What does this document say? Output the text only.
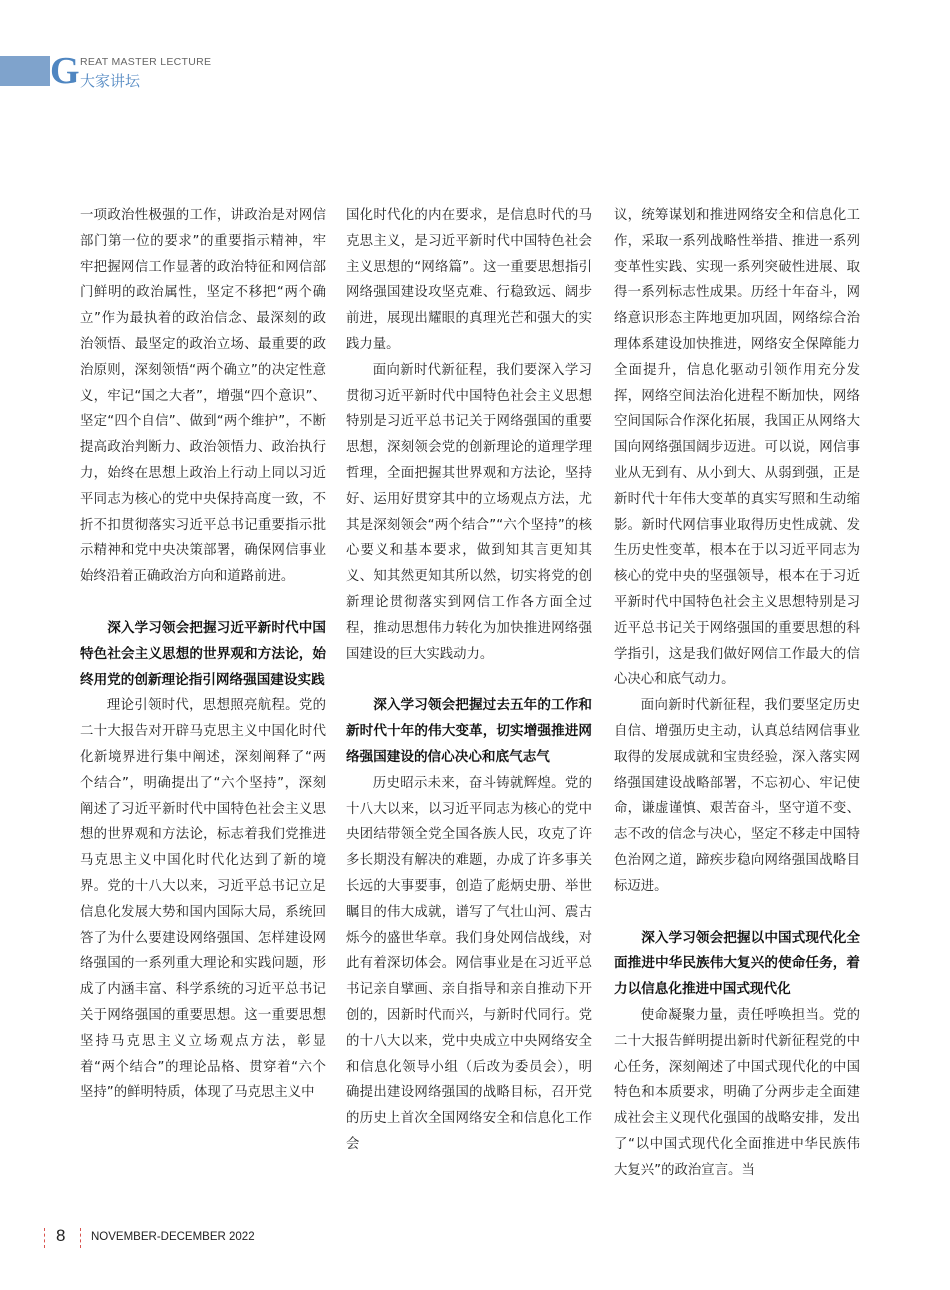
G REAT MASTER LECTURE
大家讲坛

一项政治性极强的工作，讲政治是对网信部门第一位的要求”的重要指示精神，牢牢把握网信工作显著的政治特征和网信部门鲜明的政治属性，坚定不移把“两个确立”作为最执着的政治信念、最深刻的政治领悟、最坚定的政治立场、最重要的政治原则，深刻领悟“两个确立”的决定性意义，牢记“国之大者”，增强“四个意识”、坚定“四个自信”、做到“两个维护”，不断提高政治判断力、政治领悟力、政治执行力，始终在思想上政治上行动上同以习近平同志为核心的党中央保持高度一致，不折不扣贯彻落实习近平总书记重要指示批示精神和党中央决策部署，确保网信事业始终沿着正确政治方向和道路前进。

深入学习领会把握习近平新时代中国特色社会主义思想的世界观和方法论，始终用党的创新理论指引网络强国建设实践

理论引领时代，思想照亮航程。党的二十大报告对开辟马克思主义中国化时代化新境界进行集中阐述，深刻阐释了“两个结合”，明确提出了“六个坚持”，深刻阐述了习近平新时代中国特色社会主义思想的世界观和方法论，标志着我们党推进马克思主义中国化时代化达到了新的境界。党的十八大以来，习近平总书记立足信息化发展大势和国内国际大局，系统回答了为什么要建设网络强国、怎样建设网络强国的一系列重大理论和实践问题，形成了内涵丰富、科学系统的习近平总书记关于网络强国的重要思想。这一重要思想坚持马克思主义立场观点方法，彰显着“两个结合”的理论品格、贯穿着“六个坚持”的鲜明特质，体现了马克思主义中

国化时代化的内在要求，是信息时代的马克思主义，是习近平新时代中国特色社会主义思想的“网络篇”。这一重要思想指引网络强国建设攻坚克难、行稳致远、阔步前进，展现出耀眼的真理光芒和强大的实践力量。

面向新时代新征程，我们要深入学习贯彻习近平新时代中国特色社会主义思想特别是习近平总书记关于网络强国的重要思想，深刻领会党的创新理论的道理学理哲理，全面把握其世界观和方法论，坚持好、运用好贯穿其中的立场观点方法，尤其是深刻领会“两个结合”“六个坚持”的核心要义和基本要求，做到知其言更知其义、知其然更知其所以然，切实将党的创新理论贯彻落实到网信工作各方面全过程，推动思想伟力转化为加快推进网络强国建设的巨大实践动力。

深入学习领会把握过去五年的工作和新时代十年的伟大变革，切实增强推进网络强国建设的信心决心和底气志气

历史昭示未来，奋斗铸就辉煌。党的十八大以来，以习近平同志为核心的党中央团结带领全党全国各族人民，攻克了许多长期没有解决的难题，办成了许多事关长远的大事要事，创造了彪炳史册、举世瞩目的伟大成就，谱写了气壮山河、震古烁今的盛世华章。我们身处网信战线，对此有着深切体会。网信事业是在习近平总书记亲自擘画、亲自指导和亲自推动下开创的，因新时代而兴，与新时代同行。党的十八大以来，党中央成立中央网络安全和信息化领导小组（后改为委员会），明确提出建设网络强国的战略目标，召开党的历史上首次全国网络安全和信息化工作会

议，统筹谋划和推进网络安全和信息化工作，采取一系列战略性举措、推进一系列变革性实践、实现一系列突破性进展、取得一系列标志性成果。历经十年奋斗，网络意识形态主阵地更加巩固，网络综合治理体系建设加快推进，网络安全保障能力全面提升，信息化驱动引领作用充分发挥，网络空间法治化进程不断加快，网络空间国际合作深化拓展，我国正从网络大国向网络强国阔步迈进。可以说，网信事业从无到有、从小到大、从弱到强，正是新时代十年伟大变革的真实写照和生动缩影。新时代网信事业取得历史性成就、发生历史性变革，根本在于以习近平同志为核心的党中央的坚强领导，根本在于习近平新时代中国特色社会主义思想特别是习近平总书记关于网络强国的重要思想的科学指引，这是我们做好网信工作最大的信心决心和底气动力。

面向新时代新征程，我们要坚定历史自信、增强历史主动，认真总结网信事业取得的发展成就和宝贵经验，深入落实网络强国建设战略部署，不忘初心、牢记使命，谦虚谨慎、艰苦奋斗，坚守道不变、志不改的信念与决心，坚定不移走中国特色治网之道，蹄疾步稳向网络强国战略目标迈进。

深入学习领会把握以中国式现代化全面推进中华民族伟大复兴的使命任务，着力以信息化推进中国式现代化

使命凝聚力量，责任呼唤担当。党的二十大报告鲜明提出新时代新征程党的中心任务，深刻阐述了中国式现代化的中国特色和本质要求，明确了分两步走全面建成社会主义现代化强国的战略安排，发出了“以中国式现代化全面推进中华民族伟大复兴”的政治宣言。当

8 NOVEMBER-DECEMBER 2022
